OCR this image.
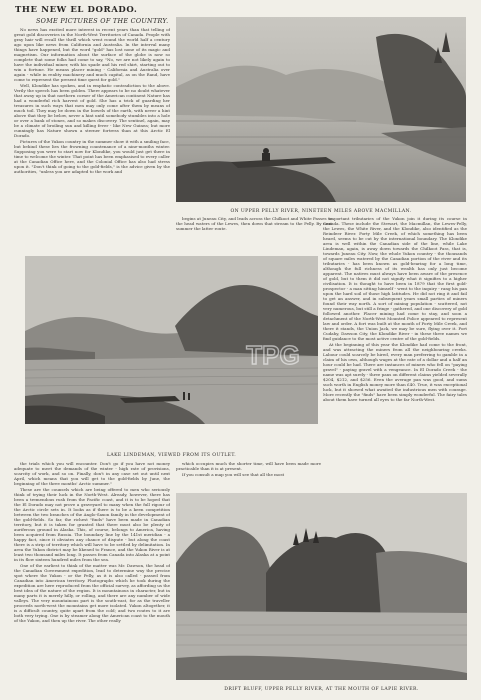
THE NEW EL DORADO.
SOME PICTURES OF THE COUNTRY.

No news has excited more interest in recent years than that telling of great gold discoveries in the North-West Territories of Canada. People with gray hair will recall the thrill which went round the world half a century ago upon like news from California and Australia. In the interval many things have happened, but the word "gold" has lost none of its magic and magnetism. Our information about the surface of the globe is now so complete that some folks had come to say, "No, we are not likely again to have the individual miner, with his spade and his red shirt, starting out to win a fortune. He means placer mining - California and Australia over again - while in reality machinery and much capital, as on the Rand, have come to represent the present time quest for gold."

Well, Klondike has spoken, and in emphatic contradiction to the above. Verily the speech has been golden. There appears to be no doubt whatever that away up in that northern corner of the American continent Nature has had a wonderful rich harvest of gold. She has a trick of guarding her treasures in such ways that men may only come after them by means of much toil. They may be down in the bowels of the earth, with never a hint above that they lie below, never a hint until somebody stumbles into a hole or over a bank of stones, and so makes discovery. The sentinel, again, may be a climate of broiling sun and killing fever - like New Guinea; but more cunningly has Nature shown a sterner fortress than at this Arctic El Dorado.

Pictures of the Yukon country in the summer show it with a smiling face, but behind these lies the frowning countenance of a nine-months winter. Supposing you were to start now for Klondike, you would just get there in time to welcome the winter. That point has been emphasised to every caller at the Canadian Office here, and the Colonial Office has also had stress upon it. "Don't think of going to the gold-fields," is the advice given by the authorities, "unless you are adapted to the work and

ON UPPER PELLY RIVER, NINETEEN MILES ABOVE MACMILLAN.

begins at Juneau City, and leads across the Chilkoot and White Passes to the head waters of the Lewes, then down that stream to the Pelly. By next summer the latter route.

important tributaries of the Yukon join it during its course in Canada. These include the Stewart, the Macmillan, the Lewes-Pelly, the Lewes, the White River, and the Klondike, also identified as the Reindeer River. Forty Mile Creek, of which something has been heard, seems to be cut by the international boundary. The Klondike area is well within the Canadian side of the line, while Lake Lindeman, again, is away down towards the Chilkoot Pass, that is, towards Juneau City. Now, the whole Yukon country - the thousands of square miles watered by the Canadian portion of the river and its tributaries - has been known as gold-bearing for a long time, although the full richness of its wealth has only just become apparent. The natives must always have been aware of the presence of gold, but to them it did not signify what it signifies to a higher civilisation. It is thought to have been in 1879 that the first gold-prospector - a man sitting himself - went to the inquiry - rang his pan upon the hard soil of those high latitudes. He did not ring it and fail to get an answer, and in subsequent years small parties of miners found their way north. A sort of mining population - scattered, not very numerous, but still a fringe - gathered, and one discovery of gold followed another. Placer mining had come to stay, and soon a detachment of the North-West Mounted Police appeared to represent law and order. A fort was built at the mouth of Forty Mile Creek, and there it stands, the Union Jack, we may be sure, flying over it. Fort Cudahy, Dawson City, the Klondike River - in these three names we find guidance to the most active centre of the gold-fields.

At the beginning of this year the Klondike had come to the front, and was attracting the miners from all the neighbouring creeks. Labour could scarcely be hired, every man preferring to gamble in a claim of his own, although wages at the rate of a dollar and a half an hour could be had. There are instances of miners who fell on "paying gravel" - paying gravel with a vengeance. In El Dorado Creek - the name was apt surely - three pans on different claims yielded severally $204, $212, and $256. Even the average pan was good, and sums such worth in English money more than £40. True, it was exceptional luck, but it showed what awaited the industrious men with courage. More recently the "finds" have been simply wonderful. The fairy tales about them have turned all eyes to the far North-West.

LAKE LINDEMAN, VIEWED FROM ITS OUTLET.

the trials which you will encounter. Don't go if you have not money adequate to meet the demands of the winter - high rate of provisions, scarcity of work, and so on. Finally, don't in any case set out until next April, which means that you will get to the gold-fields by June, the beginning of the three months' Arctic summer."

These are the counsels which are being offered to men who seriously think of trying their luck in the North-West. Already, however, there has been a tremendous rush from the Pacific coast, and it is to be hoped that the El Dorado may not prove a graveyard to many when the full rigour of the Arctic circle sets in. It looks as if there is to be a keen competition between the two branches of the Anglo-Saxon family in the development of the gold-fields. So far, the richest "finds" have been made in Canadian territory, but it is taken for granted that there must also be plenty of auriferous ground in Alaska. This, of course, belongs to America, having been acquired from Russia. The boundary line by the 141st meridian - a happy fact, since it obviates any chance of dispute - but along the coast there is a strip of territory which will have to be settled by delimitation. In area the Yukon district may be likened to France, and the Yukon River is at least two thousand miles long. It passes from Canada into Alaska at a point in its flow sixteen hundred miles from the sea.

One of the earliest to think of the matter was Mr. Dawson, the head of the Canadian Government expedition, lead to determine way the precise spot where the Yukon - or the Pelly, as it is also called - passed from Canadian into American territory. Photographs which he took during the expedition are here reproduced from the official survey, as affording us the best idea of the nature of the region. It is mountainous in character, but in many parts it is merely hilly, or rolling, and there are any number of wide valleys. The very mountainous part is the south-east, for as the traveller proceeds north-west the mountains get more isolated. Yukon altogether, it is a difficult country, quite apart from the cold; and two routes to it are both very trying. One is by steamer along the American coast to the mouth of the Yukon, and then up the river. The other really

which occupies much the shorter time, will have been made more practicable than it is at present.

If you consult a map you will see that all the most

DRIFT BLUFF, UPPER PELLY RIVER, AT THE MOUTH OF LAPIE RIVER.
TPG
